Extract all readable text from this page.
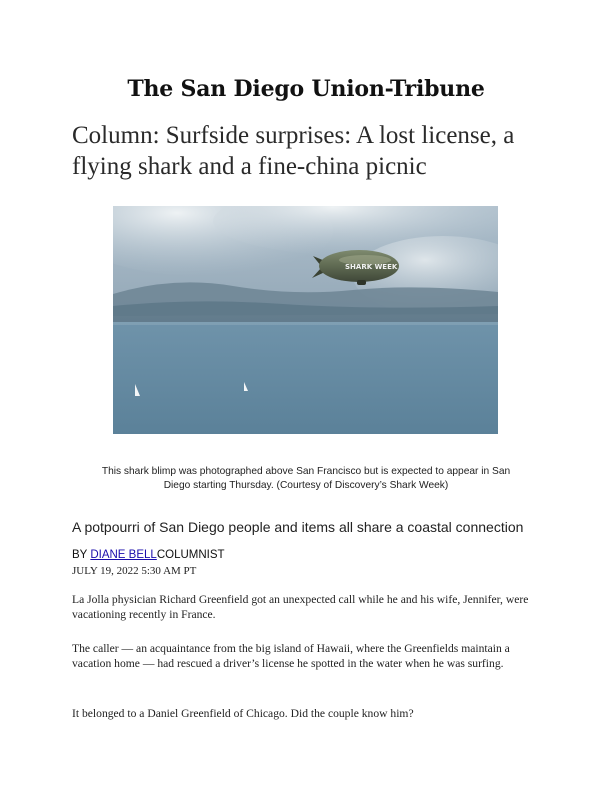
The San Diego Union-Tribune
Column: Surfside surprises: A lost license, a flying shark and a fine-china picnic
SHARK WEEK
This shark blimp was photographed above San Francisco but is expected to appear in San Diego starting Thursday. (Courtesy of Discovery’s Shark Week)
A potpourri of San Diego people and items all share a coastal connection
BY DIANE BELLCOLUMNIST
JULY 19, 2022 5:30 AM PT

La Jolla physician Richard Greenfield got an unexpected call while he and his wife, Jennifer, were vacationing recently in France.

The caller — an acquaintance from the big island of Hawaii, where the Greenfields maintain a vacation home — had rescued a driver’s license he spotted in the water when he was surfing.

It belonged to a Daniel Greenfield of Chicago. Did the couple know him?
